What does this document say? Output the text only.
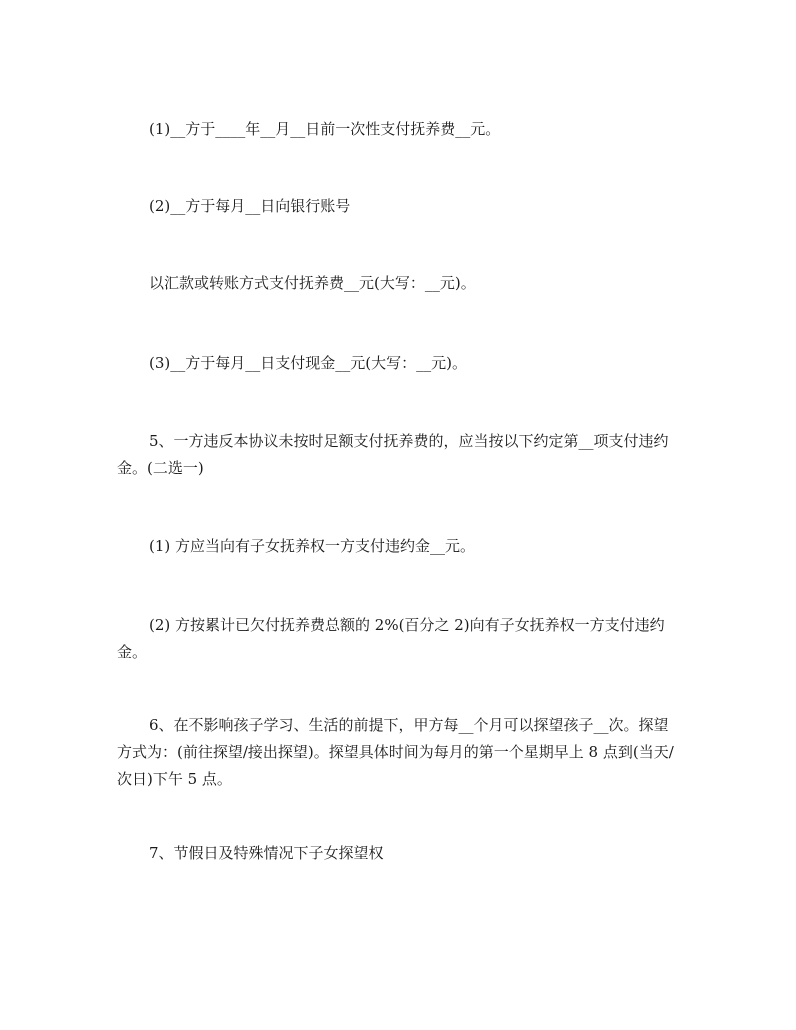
(1)__方于____年__月__日前一次性支付抚养费__元。

(2)__方于每月__日向银行账号

以汇款或转账方式支付抚养费__元(大写：__元)。

(3)__方于每月__日支付现金__元(大写：__元)。

5、一方违反本协议未按时足额支付抚养费的，应当按以下约定第__项支付违约金。(二选一)

(1) 方应当向有子女抚养权一方支付违约金__元。

(2) 方按累计已欠付抚养费总额的 2%(百分之 2)向有子女抚养权一方支付违约金。

6、在不影响孩子学习、生活的前提下，甲方每__个月可以探望孩子__次。探望方式为：(前往探望/接出探望)。探望具体时间为每月的第一个星期早上 8 点到(当天/次日)下午 5 点。

7、节假日及特殊情况下子女探望权
